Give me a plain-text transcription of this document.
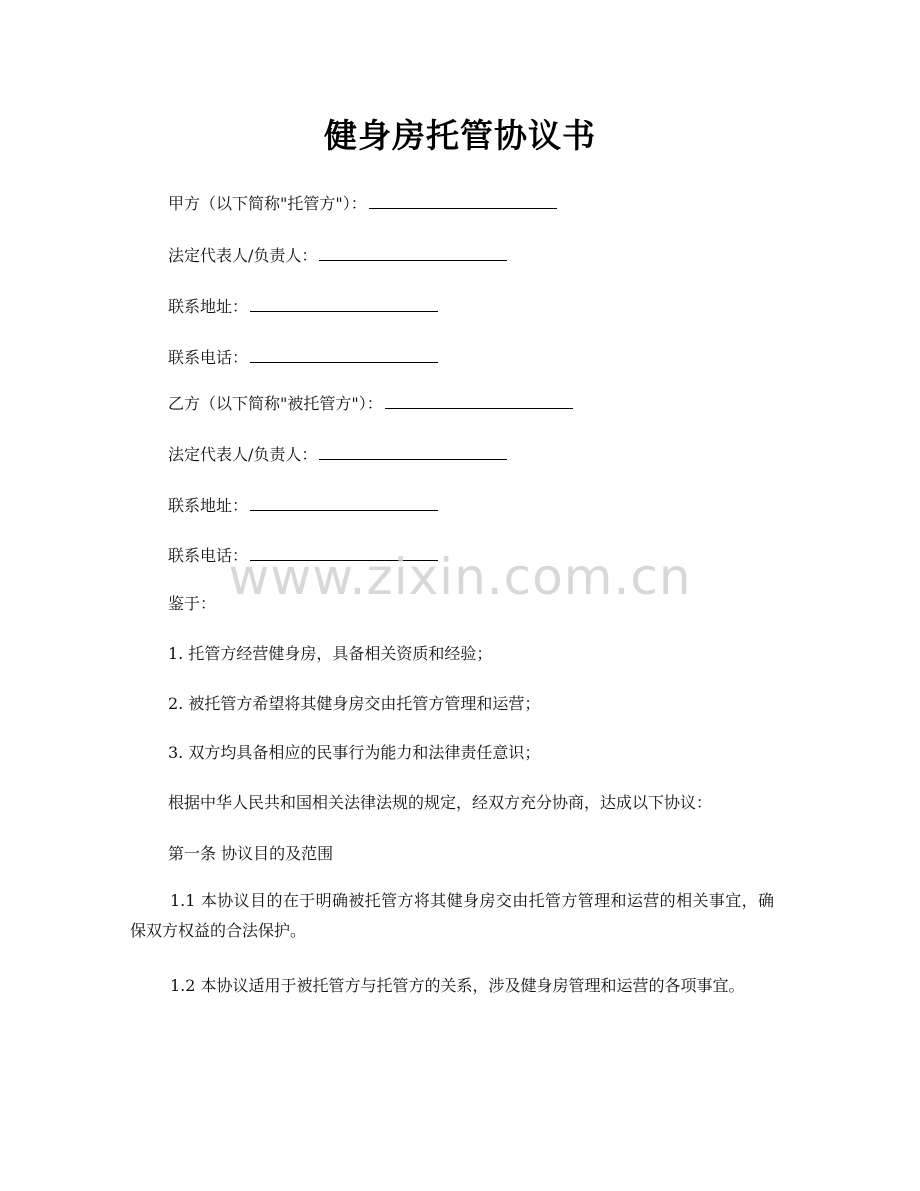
健身房托管协议书
甲方（以下简称"托管方"）：
法定代表人/负责人：
联系地址：
联系电话：
乙方（以下简称"被托管方"）：
法定代表人/负责人：
联系地址：
联系电话：
鉴于：
1. 托管方经营健身房，具备相关资质和经验；
2. 被托管方希望将其健身房交由托管方管理和运营；
3. 双方均具备相应的民事行为能力和法律责任意识；
根据中华人民共和国相关法律法规的规定，经双方充分协商，达成以下协议：
第一条 协议目的及范围
1.1 本协议目的在于明确被托管方将其健身房交由托管方管理和运营的相关事宜，确保双方权益的合法保护。
1.2 本协议适用于被托管方与托管方的关系，涉及健身房管理和运营的各项事宜。
www.zixin.com.cn
